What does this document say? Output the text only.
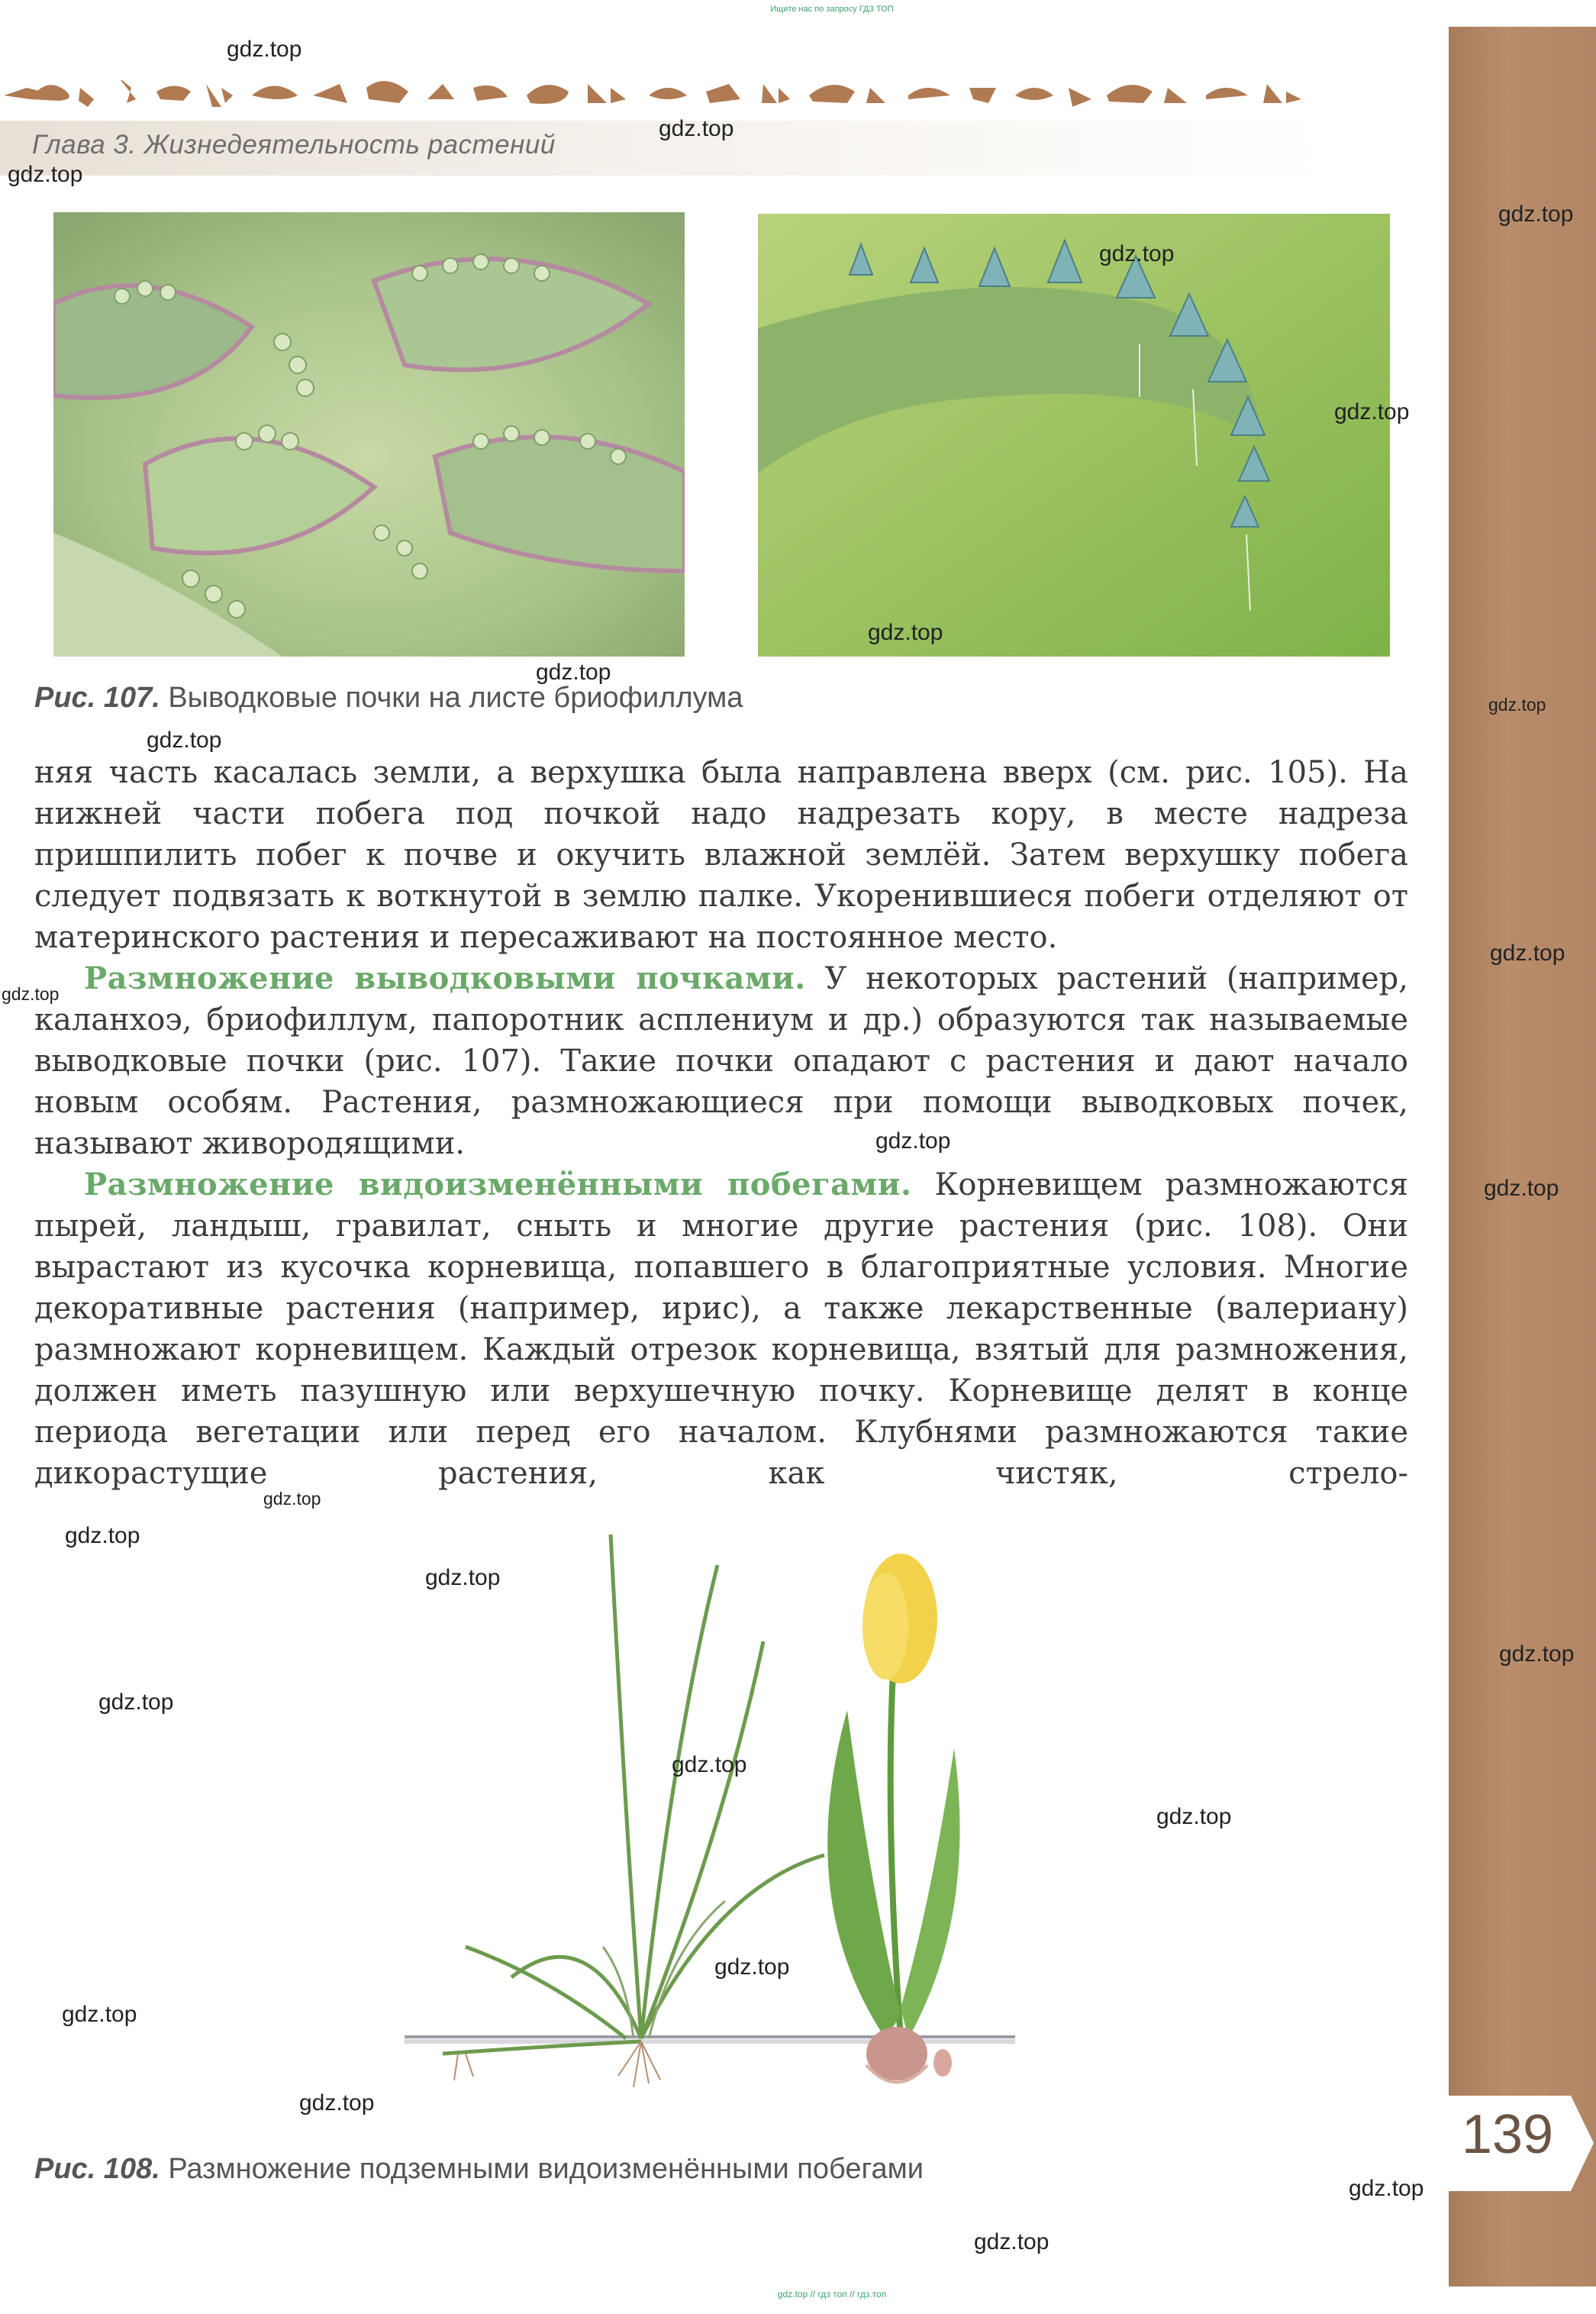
Ищите нас по запросу ГДЗ ТОП
139
Глава 3. Жизнедеятельность растений
Рис. 107. Выводковые почки на листе бриофиллума

няя часть касалась земли, а верхушка была направлена вверх (см. рис. 105). На нижней части побега под почкой надо надрезать кору, в месте надреза пришпилить побег к почве и окучить влажной землёй. Затем верхушку побега следует подвязать к воткнутой в землю палке. Укоренившиеся побеги отделяют от материнского растения и пересаживают на постоянное место.

Размножение выводковыми почками. У некоторых растений (например, каланхоэ, бриофиллум, папоротник асплениум и др.) образуются так называемые выводковые почки (рис. 107). Такие почки опадают с растения и дают начало новым особям. Растения, размножающиеся при помощи выводковых почек, называют живородящими.

Размножение видоизменёнными побегами. Корневищем размножаются пырей, ландыш, гравилат, сныть и многие другие растения (рис. 108). Они вырастают из кусочка корневища, попавшего в благоприятные условия. Многие декоративные растения (например, ирис), а также лекарственные (валериану) размножают корневищем. Каждый отрезок корневища, взятый для размножения, должен иметь пазушную или верхушечную почку. Корневище делят в конце периода вегетации или перед его началом. Клубнями размножаются такие дикорастущие растения, как чистяк, стрело-

Рис. 108. Размножение подземными видоизменёнными побегами
gdz.top
gdz.top
gdz.top
gdz.top
gdz.top
gdz.top
gdz.top
gdz.top
gdz.top
gdz.top
gdz.top
gdz.top
gdz.top
gdz.top
gdz.top
gdz.top
gdz.top
gdz.top
gdz.top
gdz.top
gdz.top
gdz.top
gdz.top
gdz.top
gdz.top
gdz.top
gdz.top // гдз топ // гдз.топ
